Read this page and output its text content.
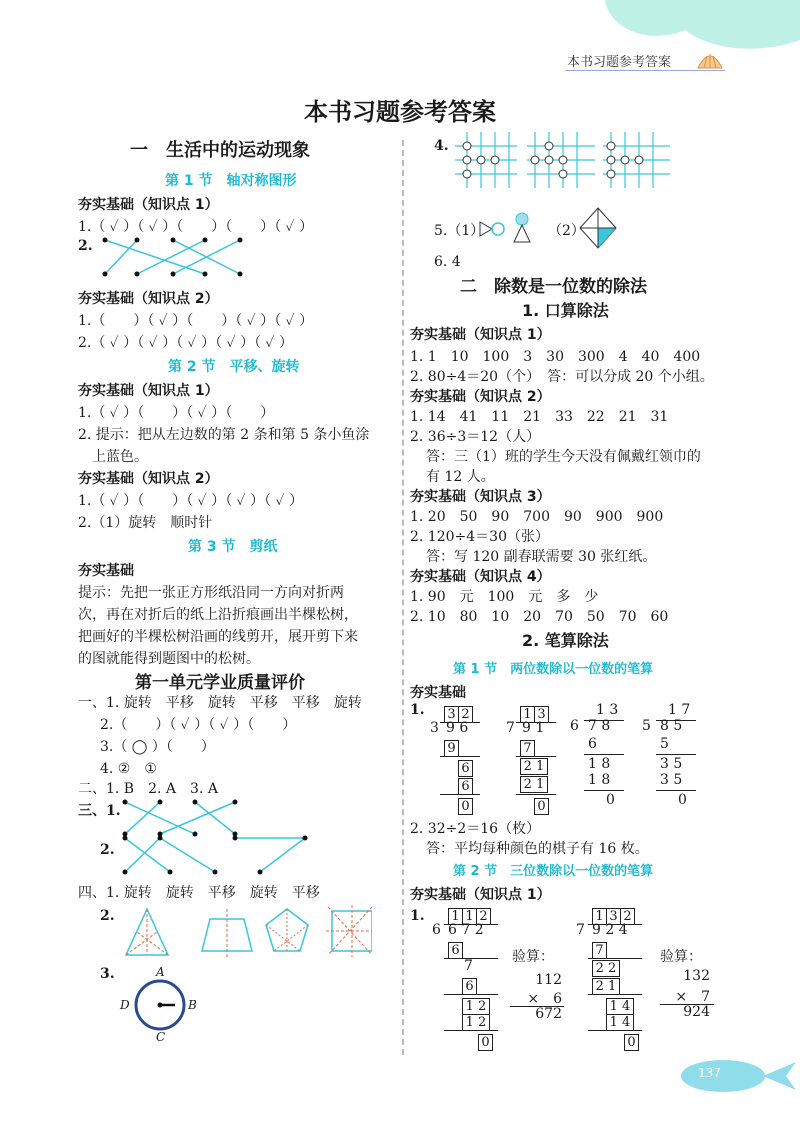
本书习题参考答案
本书习题参考答案
一　生活中的运动现象
第 1 节　轴对称图形
夯实基础（知识点 1）
1.（ ✓ ）（ ✓ ）（　　）（　　）（ ✓ ）
2.
夯实基础（知识点 2）
1.（　　）（ ✓ ）（　　）（ ✓ ）（ ✓ ）
2.（ ✓ ）（ ✓ ）（ ✓ ）（ ✓ ）（ ✓ ）
第 2 节　平移、旋转
夯实基础（知识点 1）
1.（ ✓ ）（　　）（ ✓ ）（　　）
2. 提示：把从左边数的第 2 条和第 5 条小鱼涂
上蓝色。
夯实基础（知识点 2）
1.（ ✓ ）（　　）（ ✓ ）（ ✓ ）（ ✓ ）
2.（1）旋转　顺时针
第 3 节　剪纸
夯实基础
提示：先把一张正方形纸沿同一方向对折两
次，再在对折后的纸上沿折痕画出半棵松树，
把画好的半棵松树沿画的线剪开，展开剪下来
的图就能得到题图中的松树。
第一单元学业质量评价
一、1. 旋转　平移　旋转　平移　平移　旋转
2.（　　）（ ✓ ）（ ✓ ）（　　）
3.（ ◯ ）（　　）
4. ②　①
二、1. B　2. A　3. A
三、1.
2.
四、1. 旋转　旋转　平移　旋转　平移
2.
3.	A
B
C
D
4.
5.（1）	（2）
6. 4
二　除数是一位数的除法
1. 口算除法
夯实基础（知识点 1）
1. 1　10　100　3　30　300　4　40　400
2. 80÷4＝20（个）　答：可以分成 20 个小组。
夯实基础（知识点 2）
1. 14　41　11　21　33　22　21　31
2. 36÷3＝12（人）
答：三（1）班的学生今天没有佩戴红领巾的
有 12 人。
夯实基础（知识点 3）
1. 20　50　90　700　90　900　900
2. 120÷4＝30（张）
答：写 120 副春联需要 30 张红纸。
夯实基础（知识点 4）
1. 90　元　100　元　多　少
2. 10　80　10　20　70　50　70　60
2. 笔算除法
第 1 节　两位数除以一位数的笔算
夯实基础
1. 3 2
3 9 6
9
6
6
0
1 3
7 9 1
7
2 1
2 1
0
1 3
6 7 8
6
1 8
1 8
0
1 7
5 8 5
5
3 5
3 5
0
2. 32÷2＝16（枚）
答：平均每种颜色的棋子有 16 枚。
第 2 节　三位数除以一位数的笔算
夯实基础（知识点 1）
1. 1 1 2
6 6 7 2
6
7
6
1 2
1 2
0
验算：
112
×　6
672
1 3 2
7 9 2 4
7
2 2
2 1
1 4
1 4
0
验算：
132
×　7
924
137
